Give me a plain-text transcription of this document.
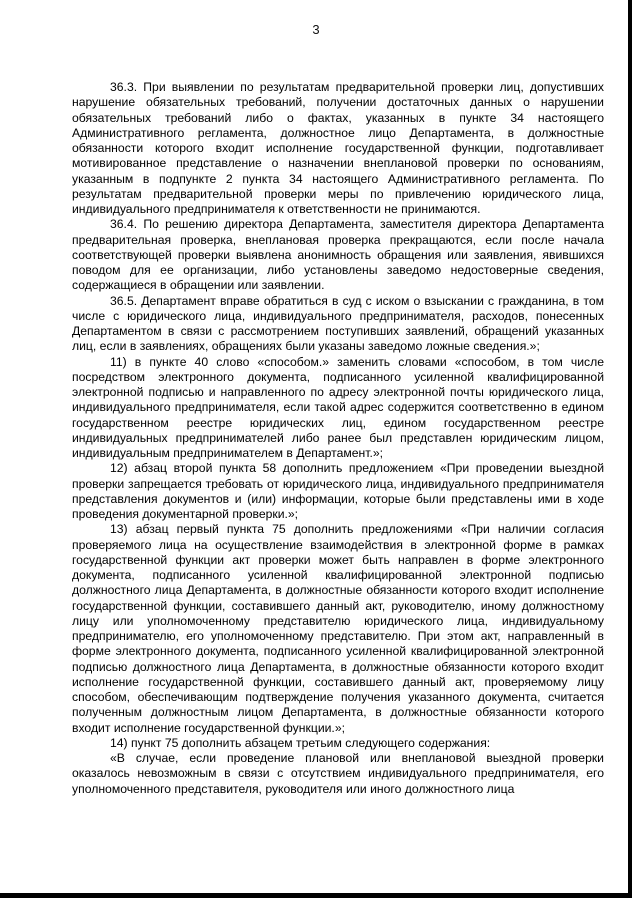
3

36.3. При выявлении по результатам предварительной проверки лиц, допустивших нарушение обязательных требований, получении достаточных данных о нарушении обязательных требований либо о фактах, указанных в пункте 34 настоящего Административного регламента, должностное лицо Департамента, в должностные обязанности которого входит исполнение государственной функции, подготавливает мотивированное представление о назначении внеплановой проверки по основаниям, указанным в подпункте 2 пункта 34 настоящего Административного регламента. По результатам предварительной проверки меры по привлечению юридического лица, индивидуального предпринимателя к ответственности не принимаются.

36.4. По решению директора Департамента, заместителя директора Департамента предварительная проверка, внеплановая проверка прекращаются, если после начала соответствующей проверки выявлена анонимность обращения или заявления, явившихся поводом для ее организации, либо установлены заведомо недостоверные сведения, содержащиеся в обращении или заявлении.

36.5. Департамент вправе обратиться в суд с иском о взыскании с гражданина, в том числе с юридического лица, индивидуального предпринимателя, расходов, понесенных Департаментом в связи с рассмотрением поступивших заявлений, обращений указанных лиц, если в заявлениях, обращениях были указаны заведомо ложные сведения.»;

11) в пункте 40 слово «способом.» заменить словами «способом, в том числе посредством электронного документа, подписанного усиленной квалифицированной электронной подписью и направленного по адресу электронной почты юридического лица, индивидуального предпринимателя, если такой адрес содержится соответственно в едином государственном реестре юридических лиц, едином государственном реестре индивидуальных предпринимателей либо ранее был представлен юридическим лицом, индивидуальным предпринимателем в Департамент.»;

12) абзац второй пункта 58 дополнить предложением «При проведении выездной проверки запрещается требовать от юридического лица, индивидуального предпринимателя представления документов и (или) информации, которые были представлены ими в ходе проведения документарной проверки.»;

13) абзац первый пункта 75 дополнить предложениями «При наличии согласия проверяемого лица на осуществление взаимодействия в электронной форме в рамках государственной функции акт проверки может быть направлен в форме электронного документа, подписанного усиленной квалифицированной электронной подписью должностного лица Департамента, в должностные обязанности которого входит исполнение государственной функции, составившего данный акт, руководителю, иному должностному лицу или уполномоченному представителю юридического лица, индивидуальному предпринимателю, его уполномоченному представителю. При этом акт, направленный в форме электронного документа, подписанного усиленной квалифицированной электронной подписью должностного лица Департамента, в должностные обязанности которого входит исполнение государственной функции, составившего данный акт, проверяемому лицу способом, обеспечивающим подтверждение получения указанного документа, считается полученным должностным лицом Департамента, в должностные обязанности которого входит исполнение государственной функции.»;

14) пункт 75 дополнить абзацем третьим следующего содержания:

«В случае, если проведение плановой или внеплановой выездной проверки оказалось невозможным в связи с отсутствием индивидуального предпринимателя, его уполномоченного представителя, руководителя или иного должностного лица
